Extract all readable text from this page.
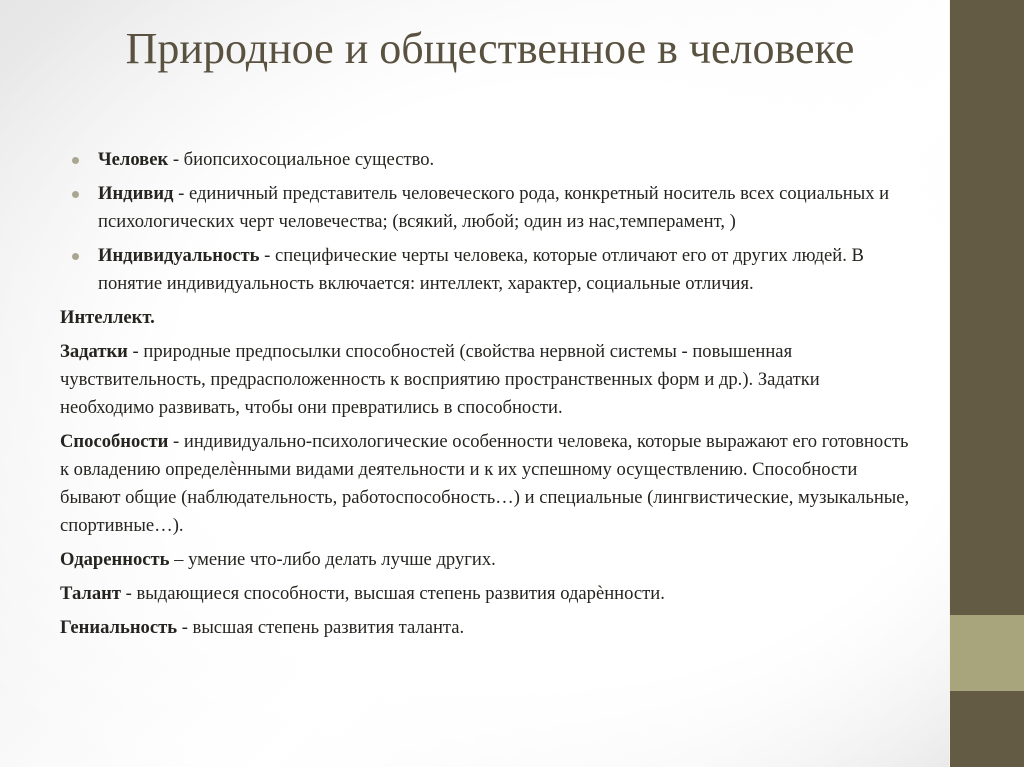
Природное и общественное в человеке
Человек - биопсихосоциальное существо.
Индивид - единичный представитель человеческого рода, конкретный носитель всех социальных и психологических черт человечества; (всякий, любой; один из нас,темперамент, )
Индивидуальность - специфические черты человека, которые отличают его от других людей. В понятие индивидуальность включается: интеллект, характер, социальные отличия.

Интеллект.

Задатки - природные предпосылки способностей (свойства нервной системы - повышенная чувствительность, предрасположенность к восприятию пространственных форм и др.). Задатки необходимо развивать, чтобы они превратились в способности.

Способности - индивидуально-психологические особенности человека, которые выражают его готовность к овладению определѐнными видами деятельности и к их успешному осуществлению. Способности бывают общие (наблюдательность, работоспособность…) и специальные (лингвистические, музыкальные, спортивные…).

Одаренность – умение что-либо делать лучше других.

Талант - выдающиеся способности, высшая степень развития одарѐнности.

Гениальность - высшая степень развития таланта.
